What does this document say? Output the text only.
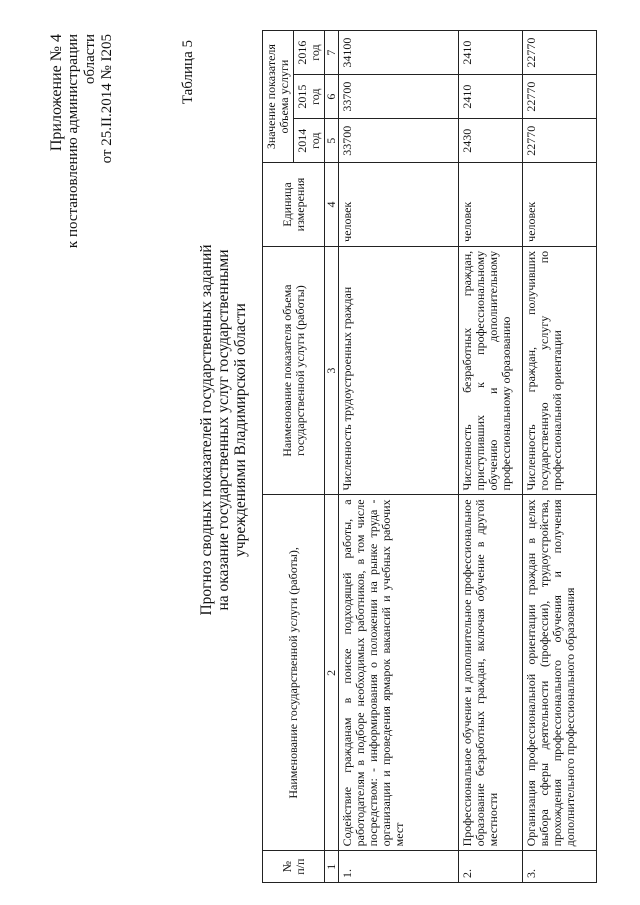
Приложение № 4 к постановлению администрации области от 25.II.2014 № I205	Таблица 5
Прогноз сводных показателей государственных заданий на оказание государственных услуг государственными учреждениями Владимирской области
№ п/п	Наименование государственной услуги (работы),	Наименование показателя объема государственной услуги (работы)	Единица измерения	Значение показателя объема услуги		
				2014 год	2015 год	2016 год
1	2	3	4	5	6	7
1.	Содействие гражданам в поиске подходящей работы, а работодателям в подборе необходимых работников, в том числе посредством: - информирования о положении на рынке труда - организации и проведения ярмарок вакансий и учебных рабочих мест	Численность трудоустроенных граждан	человек	33700	33700	34100
2.	Профессиональное обучение и дополнительное профессиональное образование безработных граждан, включая обучение в другой местности	Численность безработных граждан, приступивших к профессиональному обучению и дополнительному профессиональному образованию	человек	2430	2410	2410
3.	Организация профессиональной ориентации граждан в целях выбора сферы деятельности (профессии), трудоустройства, прохождения профессионального обучения и получения дополнительного профессионального образования	Численность граждан, получивших государственную услугу по профессиональной ориентации	человек	22770	22770	22770
